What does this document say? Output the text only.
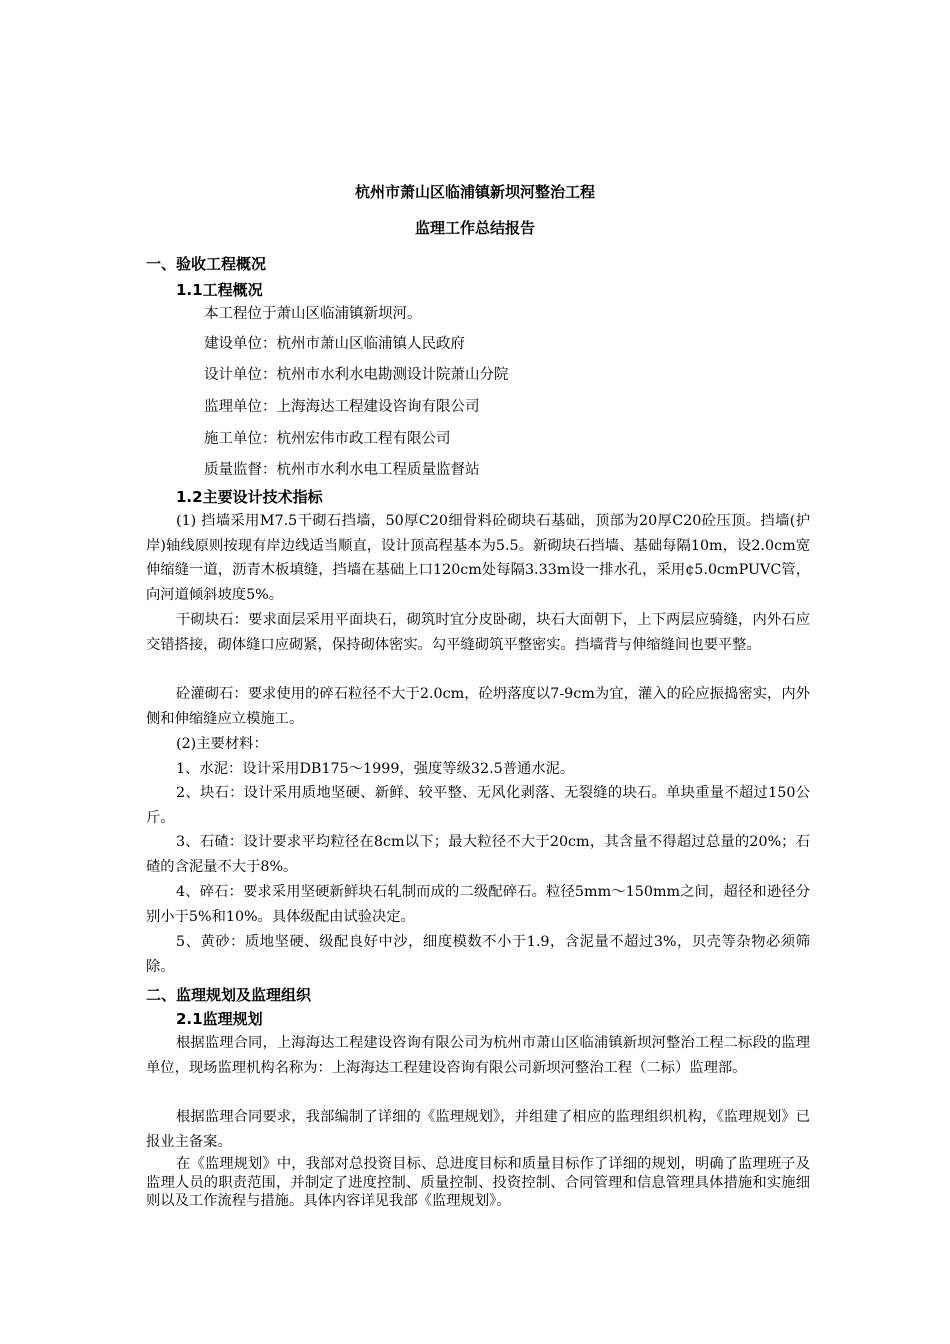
杭州市萧山区临浦镇新坝河整治工程
监理工作总结报告
一、验收工程概况
1.1工程概况
本工程位于萧山区临浦镇新坝河。
建设单位：杭州市萧山区临浦镇人民政府
设计单位：杭州市水利水电勘测设计院萧山分院
监理单位：上海海达工程建设咨询有限公司
施工单位：杭州宏伟市政工程有限公司
质量监督：杭州市水利水电工程质量监督站
1.2主要设计技术指标
(1) 挡墙采用M7.5干砌石挡墙，50厚C20细骨料砼砌块石基础，顶部为20厚C20砼压顶。挡墙(护岸)轴线原则按现有岸边线适当顺直，设计顶高程基本为5.5。新砌块石挡墙、基础每隔10m，设2.0cm宽伸缩缝一道，沥青木板填缝，挡墙在基础上口120cm处每隔3.33m设一排水孔，采用¢5.0cmPUVC管，向河道倾斜坡度5%。
干砌块石：要求面层采用平面块石，砌筑时宜分皮卧砌，块石大面朝下，上下两层应骑缝，内外石应交错搭接，砌体缝口应砌紧，保持砌体密实。勾平缝砌筑平整密实。挡墙背与伸缩缝间也要平整。
砼灌砌石：要求使用的碎石粒径不大于2.0cm，砼坍落度以7-9cm为宜，灌入的砼应振捣密实，内外侧和伸缩缝应立模施工。
(2)主要材料：
1、水泥：设计采用DB175～1999，强度等级32.5普通水泥。
2、块石：设计采用质地坚硬、新鲜、较平整、无风化剥落、无裂缝的块石。单块重量不超过150公斤。
3、石碴：设计要求平均粒径在8cm以下；最大粒径不大于20cm，其含量不得超过总量的20%；石碴的含泥量不大于8%。
4、碎石：要求采用坚硬新鲜块石轧制而成的二级配碎石。粒径5mm～150mm之间，超径和逊径分别小于5%和10%。具体级配由试验决定。
5、黄砂：质地坚硬、级配良好中沙，细度模数不小于1.9，含泥量不超过3%，贝壳等杂物必须筛除。
二、监理规划及监理组织
2.1监理规划
根据监理合同，上海海达工程建设咨询有限公司为杭州市萧山区临浦镇新坝河整治工程二标段的监理单位，现场监理机构名称为：上海海达工程建设咨询有限公司新坝河整治工程（二标）监理部。
根据监理合同要求，我部编制了详细的《监理规划》，并组建了相应的监理组织机构，《监理规划》已报业主备案。
在《监理规划》中，我部对总投资目标、总进度目标和质量目标作了详细的规划，明确了监理班子及监理人员的职责范围，并制定了进度控制、质量控制、投资控制、合同管理和信息管理具体措施和实施细则以及工作流程与措施。具体内容详见我部《监理规划》。
